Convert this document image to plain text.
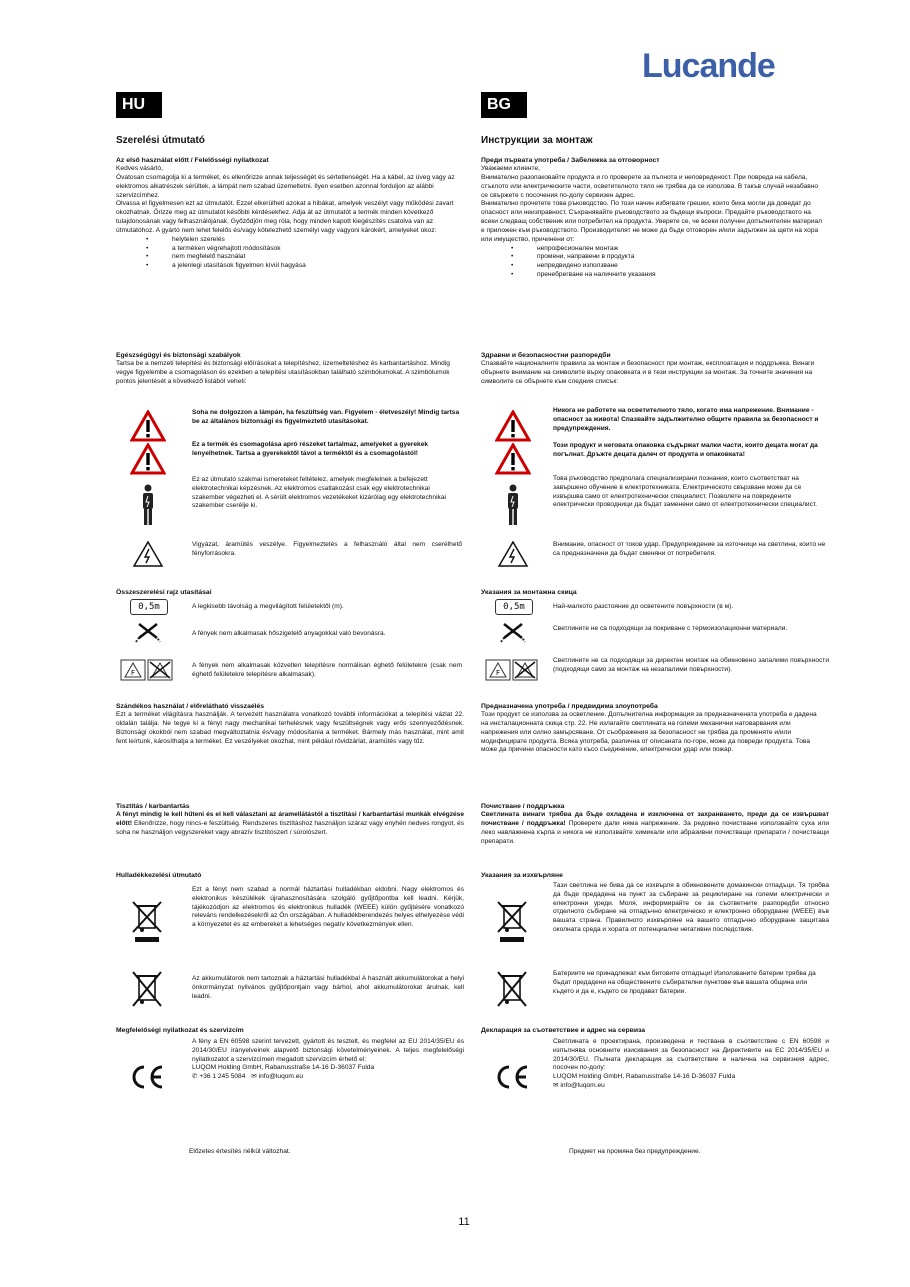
Lucande
HU	BG
Szerelési útmutató

Az első használat előtt / Felelősségi nyilatkozat

Kedves vásárló,

Óvatosan csomagolja ki a terméket, és ellenőrizze annak teljességét és sértetlenségét. Ha a kábel, az üveg vagy az elektromos alkatrészek sérültek, a lámpát nem szabad üzemeltetni. Ilyen esetben azonnal forduljon az alábbi szervizcímhez.

Olvassa el figyelmesen ezt az útmutatót. Ezzel elkerülheti azokat a hibákat, amelyek veszélyt vagy működési zavart okozhatnak. Őrizze meg az útmutatót későbbi kérdésekhez. Adja át az útmutatót a termék minden következő tulajdonosának vagy felhasználójának. Győződjön meg róla, hogy minden kapott kiegészítés csatolva van az útmutatóhoz. A gyártó nem lehet felelős és/vagy kötelezhető személyi vagy vagyoni károkért, amelyeket okoz:

• helytelen szerelés
• a terméken végrehajtott módosítások
• nem megfelelő használat
• a jelenlegi utasítások figyelmen kívül hagyása

Egészségügyi és biztonsági szabályok

Tartsa be a nemzeti telepítési és biztonsági előírásokat a telepítéshez, üzemeltetéshez és karbantartáshoz. Mindig vegye figyelembe a csomagoláson és ezekben a telepítési utasításokban található szimbólumokat. A szimbólumok pontos jelentését a következő listából veheti:

Soha ne dolgozzon a lámpán, ha feszültség van. Figyelem - életveszély! Mindig tartsa be az általános biztonsági és figyelmeztető utasításokat.
Ez a termék és csomagolása apró részeket tartalmaz, amelyeket a gyerekek lenyelhetnek. Tartsa a gyerekektől távol a terméktől és a csomagolástól!
Ez az útmutató szakmai ismereteket feltételez, amelyek megfelelnek a befejezett elektrotechnikai képzésnek. Az elektromos csatlakozást csak egy elektrotechnikai szakember végezheti el. A sérült elektromos vezetékeket kizárólag egy elektrotechnikai szakember cserélje ki.
Vigyázat, áramütés veszélye. Figyelmeztetés a felhasználó által nem cserélhető fényforrásokra.
Összeszerelési rajz utasításai
0,5m
F
A legkisebb távolság a megvilágított felületektől (m).
A fények nem alkalmasak hőszigetelő anyagokkal való bevonásra.
A fények nem alkalmasak közvetlen telepítésre normálisan éghető felületekre (csak nem éghető felületekre telepítésre alkalmasak).

Szándékos használat / előrelátható visszaélés

Ezt a terméket világításra használják. A tervezett használatra vonatkozó további információkat a telepítési vázlat 22. oldalán találja. Ne tegye ki a fényt nagy mechanikai terhelésnek vagy feszültségnek vagy erős szennyeződésnek. Biztonsági okokból nem szabad megváltoztatnia és/vagy módosítania a terméket. Bármely más használat, mint amit fent leírtunk, károsíthatja a terméket. Ez veszélyeket okozhat, mint például rövidzárlat, áramütés vagy tűz.

Tisztítás / karbantartás

A fényt mindig le kell hűteni és el kell választani az áramellátástól a tisztítási / karbantartási munkák elvégzése előtt! Ellenőrizze, hogy nincs-e feszültség. Rendszeres tisztításhoz használjon száraz vagy enyhén nedves rongyot, és soha ne használjon vegyszereket vagy abrazív tisztítószert / súrolószert.

Hulladékkezelési útmutató
Ezt a fényt nem szabad a normál háztartási hulladékban eldobni. Nagy elektromos és elektronikus készülékek újrahasznosítására szolgáló gyűjtőpontba kell leadni. Kérjük, tájékozódjon az elektromos és elektronikus hulladék (WEEE) külön gyűjtésére vonatkozó releváns rendelkezésekről az Ön országában. A hulladékberendezés helyes elhelyezése védi a környezetet és az embereket a lehetséges negatív következmények ellen.
Az akkumulátorok nem tartoznak a háztartási hulladékba! A használt akkumulátorokat a helyi önkormányzat nyilvános gyűjtőpontjain vagy bárhol, ahol akkumulátorokat árulnak, kell leadni.
Megfelelőségi nyilatkozat és szervizcím

A fény a EN 60598 szerint tervezett, gyártott és tesztelt, és megfelel az EU 2014/35/EU és 2014/30/EU irányelveinek alapvető biztonsági követelményeinek. A teljes megfelelőségi nyilatkozatot a szervizcímen megadott szervizcím érhető el:

LUQOM Holding GmbH, Rabanusstraße 14-16 D-36037 Fulda

✆ +36 1 245 5084 ✉ info@luqom.eu

Előzetes értesítés nélkül változhat.
Инструкции за монтаж

Преди първата употреба / Забележка за отговорност

Уважаеми клиенте,

Внимателно разопаковайте продукта и го проверете за пълнота и неповреденост. При повреда на кабела, стъклото или електрическите части, осветителното тяло не трябва да се използва. В такъв случай незабавно се свържете с посочения по-долу сервизен адрес.

Внимателно прочетете това ръководство. По този начин избягвате грешки, които биха могли да доведат до опасност или неизправност. Съхранявайте ръководството за бъдещи въпроси. Предайте ръководството на всеки следващ собственик или потребител на продукта. Уверете се, че всеки получен допълнителен материал е приложен към ръководството. Производителят не може да бъде отговорен и/или задължен за щети на хора или имущество, причинени от:

• непрофесионален монтаж
• промени, направени в продукта
• непредвидено използване
• пренебрегване на наличните указания

Здравни и безопасностни разпоредби

Спазвайте националните правила за монтаж и безопасност при монтаж, експлоатация и поддръжка. Винаги обърнете внимание на символите върху опаковката и в тези инструкции за монтаж. За точните значения на символите се обърнете към следния списък:

Никога не работете на осветителното тяло, когато има напрежение. Внимание - опасност за живота! Спазвайте задължително общите правила за безопасност и предупреждения.
Този продукт и неговата опаковка съдържат малки части, които децата могат да погълнат. Дръжте децата далеч от продукта и опаковката!
Това ръководство предполага специализирани познания, които съответстват на завършено обучение в електротехниката. Електрическото свързване може да се извършва само от електротехнически специалист. Позволете на повредените електрически проводници да бъдат заменени само от електротехнически специалист.
Внимание, опасност от токов удар. Предупреждение за източници на светлина, които не са предназначени да бъдат сменяни от потребителя.
Указания за монтажна скица
0,5m
F
Най-малкото разстояние до осветените повърхности (в м).
Светлините не са подходящи за покриване с термоизолационни материали.
Светлините не са подходящи за директен монтаж на обикновено запалими повърхности (подходящи само за монтаж на незапалими повърхности).

Предназначена употреба / предвидима злоупотреба

Този продукт се използва за осветление. Допълнителна информация за предназначената употреба е дадена на инсталационната скица стр. 22. Не излагайте светлината на големи механични натоварвания или напрежения или силно замърсяване. От съображения за безопасност не трябва да променяте и/или модифицирате продукта. Всяка употреба, различна от описаната по-горе, може да повреди продукта. Това може да причини опасности като късо съединение, електрически удар или пожар.

Почистване / поддръжка

Светлината винаги трябва да бъде охладена и изключена от захранването, преди да се извършват почистване / поддръжка! Проверете дали няма напрежение. За редовно почистване използвайте суха или леко навлажнена кърпа и никога не използвайте химикали или абразивни почистващи препарати / почистващи препарати.

Указания за изхвърляне
Тази светлина не бива да се изхвърля в обикновените домакински отпадъци. Тя трябва да бъде предадена на пункт за събиране за рециклиране на големи електрически и електронни уреди. Моля, информирайте се за съответните разпоредби относно отделното събиране на отпадъчно електрическо и електронно оборудване (WEEE) във вашата страна. Правилното изхвърляне на вашето отпадъчно оборудване защитава околната среда и хората от потенциални негативни последствия.
Батериите не принадлежат към битовите отпадъци! Използваните батерии трябва да бъдат предадени на обществените събирателни пунктове във вашата община или където и да е, където се продават батерии.
Декларация за съответствие и адрес на сервиза

Светлината е проектирана, произведена и тествана в съответствие с EN 60598 и изпълнява основните изисквания за безопасност на Директивите на ЕС 2014/35/EU и 2014/30/EU. Пълната декларация за съответствие е налична на сервизния адрес, посочен по-долу:

LUQOM Holding GmbH, Rabanusstraße 14-16 D-36037 Fulda

✉ info@luqom.eu

Предмет на промяна без предупреждение.
11
